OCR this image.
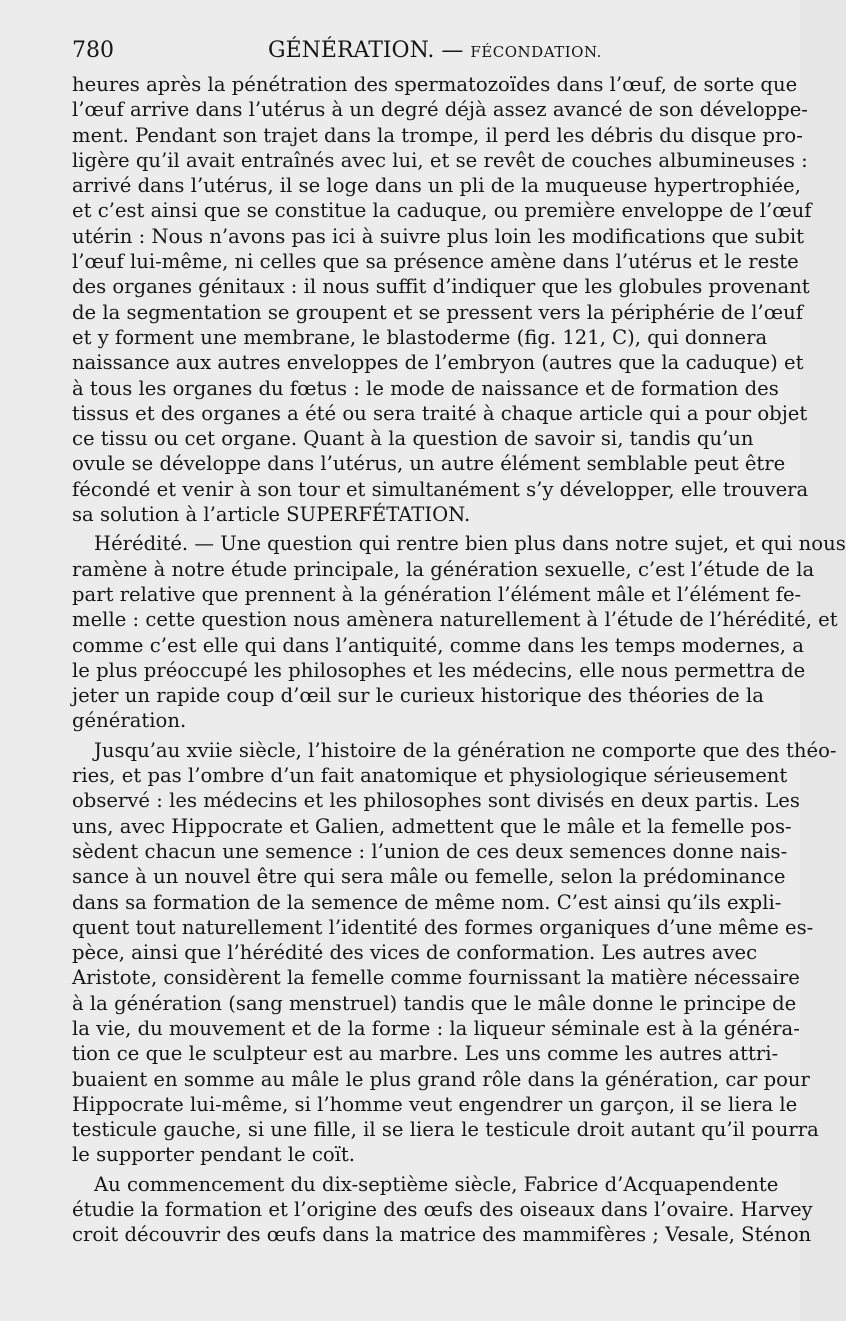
780	GÉNÉRATION. — FÉCONDATION.
heures après la pénétration des spermatozoïdes dans l’œuf, de sorte que
l’œuf arrive dans l’utérus à un degré déjà assez avancé de son développe-
ment. Pendant son trajet dans la trompe, il perd les débris du disque pro-
ligère qu’il avait entraînés avec lui, et se revêt de couches albumineuses :
arrivé dans l’utérus, il se loge dans un pli de la muqueuse hypertrophiée,
et c’est ainsi que se constitue la caduque, ou première enveloppe de l’œuf
utérin : Nous n’avons pas ici à suivre plus loin les modifications que subit
l’œuf lui-même, ni celles que sa présence amène dans l’utérus et le reste
des organes génitaux : il nous suffit d’indiquer que les globules provenant
de la segmentation se groupent et se pressent vers la périphérie de l’œuf
et y forment une membrane, le blastoderme (fig. 121, C), qui donnera
naissance aux autres enveloppes de l’embryon (autres que la caduque) et
à tous les organes du fœtus : le mode de naissance et de formation des
tissus et des organes a été ou sera traité à chaque article qui a pour objet
ce tissu ou cet organe. Quant à la question de savoir si, tandis qu’un
ovule se développe dans l’utérus, un autre élément semblable peut être
fécondé et venir à son tour et simultanément s’y développer, elle trouvera
sa solution à l’article SUPERFÉTATION.
Hérédité. — Une question qui rentre bien plus dans notre sujet, et qui nous
ramène à notre étude principale, la génération sexuelle, c’est l’étude de la
part relative que prennent à la génération l’élément mâle et l’élément fe-
melle : cette question nous amènera naturellement à l’étude de l’hérédité, et
comme c’est elle qui dans l’antiquité, comme dans les temps modernes, a
le plus préoccupé les philosophes et les médecins, elle nous permettra de
jeter un rapide coup d’œil sur le curieux historique des théories de la
génération.
Jusqu’au xviie siècle, l’histoire de la génération ne comporte que des théo-
ries, et pas l’ombre d’un fait anatomique et physiologique sérieusement
observé : les médecins et les philosophes sont divisés en deux partis. Les
uns, avec Hippocrate et Galien, admettent que le mâle et la femelle pos-
sèdent chacun une semence : l’union de ces deux semences donne nais-
sance à un nouvel être qui sera mâle ou femelle, selon la prédominance
dans sa formation de la semence de même nom. C’est ainsi qu’ils expli-
quent tout naturellement l’identité des formes organiques d’une même es-
pèce, ainsi que l’hérédité des vices de conformation. Les autres avec
Aristote, considèrent la femelle comme fournissant la matière nécessaire
à la génération (sang menstruel) tandis que le mâle donne le principe de
la vie, du mouvement et de la forme : la liqueur séminale est à la généra-
tion ce que le sculpteur est au marbre. Les uns comme les autres attri-
buaient en somme au mâle le plus grand rôle dans la génération, car pour
Hippocrate lui-même, si l’homme veut engendrer un garçon, il se liera le
testicule gauche, si une fille, il se liera le testicule droit autant qu’il pourra
le supporter pendant le coït.
Au commencement du dix-septième siècle, Fabrice d’Acquapendente
étudie la formation et l’origine des œufs des oiseaux dans l’ovaire. Harvey
croit découvrir des œufs dans la matrice des mammifères ; Vesale, Sténon
